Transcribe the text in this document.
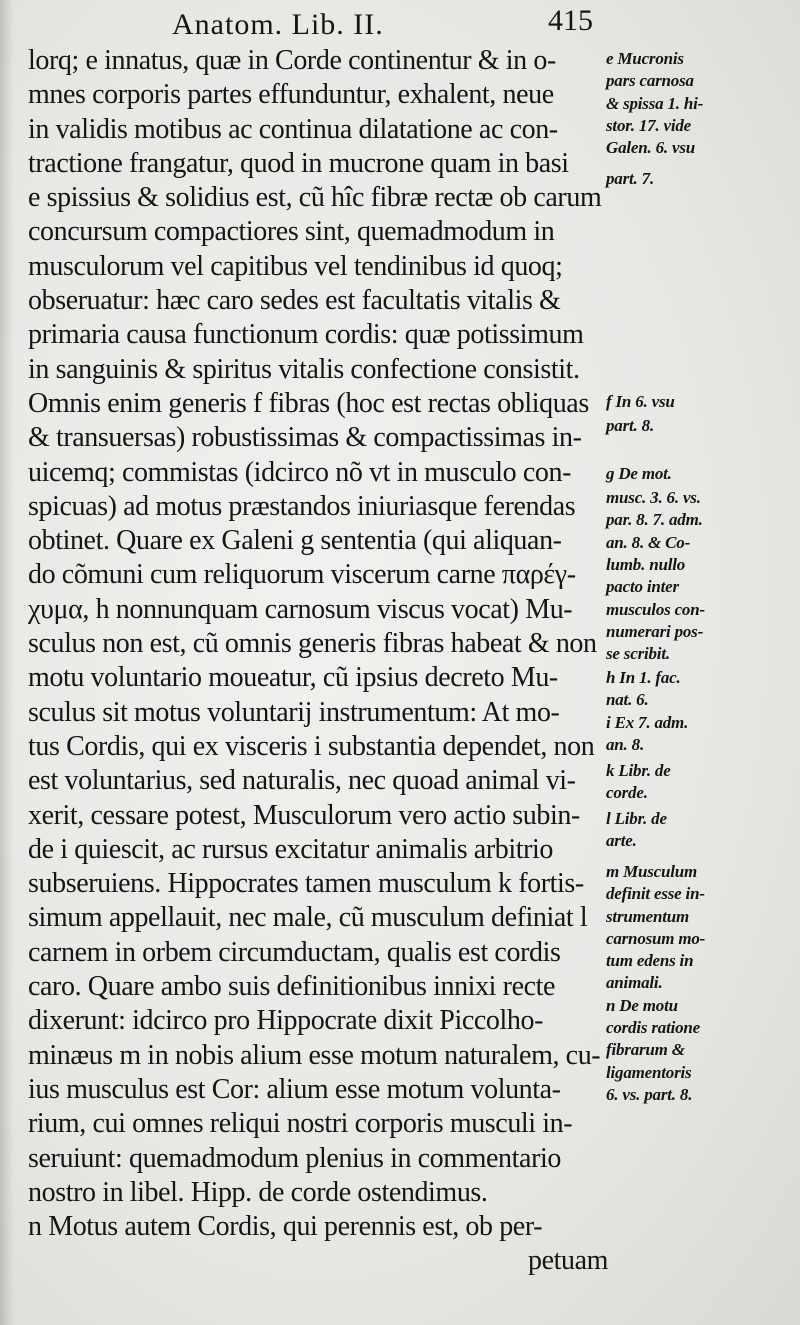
Anatom. Lib. II.	415
lorq; e innatus, quæ in Corde continentur & in o-
mnes corporis partes effunduntur, exhalent, neue
in validis motibus ac continua dilatatione ac con-
tractione frangatur, quod in mucrone quam in basi
e spissius & solidius est, cũ hîc fibræ rectæ ob carum
concursum compactiores sint, quemadmodum in
musculorum vel capitibus vel tendinibus id quoq;
obseruatur: hæc caro sedes est facultatis vitalis &
primaria causa functionum cordis: quæ potissimum
in sanguinis & spiritus vitalis confectione consistit.
Omnis enim generis f fibras (hoc est rectas obliquas
& transuersas) robustissimas & compactissimas in-
uicemq; commistas (idcirco nõ vt in musculo con-
spicuas) ad motus præstandos iniuriasque ferendas
obtinet. Quare ex Galeni g sententia (qui aliquan-
do cõmuni cum reliquorum viscerum carne παρέγ-
χυμα, h nonnunquam carnosum viscus vocat) Mu-
sculus non est, cũ omnis generis fibras habeat & non
motu voluntario moueatur, cũ ipsius decreto Mu-
sculus sit motus voluntarij instrumentum: At mo-
tus Cordis, qui ex visceris i substantia dependet, non
est voluntarius, sed naturalis, nec quoad animal vi-
xerit, cessare potest, Musculorum vero actio subin-
de i quiescit, ac rursus excitatur animalis arbitrio
subseruiens. Hippocrates tamen musculum k fortis-
simum appellauit, nec male, cũ musculum definiat l
carnem in orbem circumductam, qualis est cordis
caro. Quare ambo suis definitionibus innixi recte
dixerunt: idcirco pro Hippocrate dixit Piccolho-
minæus m in nobis alium esse motum naturalem, cu-
ius musculus est Cor: alium esse motum volunta-
rium, cui omnes reliqui nostri corporis musculi in-
seruiunt: quemadmodum plenius in commentario
nostro in libel. Hipp. de corde ostendimus.
n Motus autem Cordis, qui perennis est, ob per-
petuam
e Mucronis
pars carnosa
& spissa 1. hi-
stor. 17. vide
Galen. 6. vsu
part. 7.
f In 6. vsu
part. 8.
g De mot.
musc. 3. 6. vs.
par. 8. 7. adm.
an. 8. & Co-
lumb. nullo
pacto inter
musculos con-
numerari pos-
se scribit.
h In 1. fac.
nat. 6.
i Ex 7. adm.
an. 8.
k Libr. de
corde.
l Libr. de
arte.
m Musculum
definit esse in-
strumentum
carnosum mo-
tum edens in
animali.
n De motu
cordis ratione
fibrarum &
ligamentoris
6. vs. part. 8.
